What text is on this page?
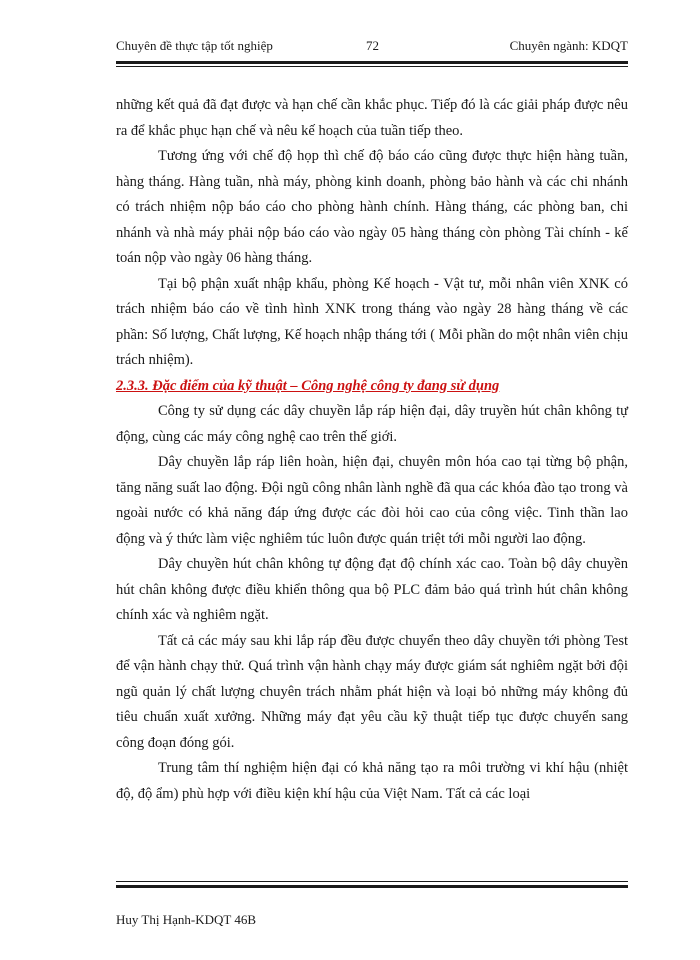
Chuyên đề thực tập tốt nghiệp	72	Chuyên ngành: KDQT

những kết quả đã đạt được và hạn chế cần khắc phục. Tiếp đó là các giải pháp được nêu ra để khắc phục hạn chế và nêu kế hoạch của tuần tiếp theo.

Tương ứng với chế độ họp thì chế độ báo cáo cũng được thực hiện hàng tuần, hàng tháng. Hàng tuần, nhà máy, phòng kinh doanh, phòng bảo hành và các chi nhánh có trách nhiệm nộp báo cáo cho phòng hành chính. Hàng tháng, các phòng ban, chi nhánh và nhà máy phải nộp báo cáo vào ngày 05 hàng tháng còn phòng Tài chính - kế toán nộp vào ngày 06 hàng tháng.

Tại bộ phận xuất nhập khẩu, phòng Kế hoạch - Vật tư, mỗi nhân viên XNK có trách nhiệm báo cáo về tình hình XNK trong tháng vào ngày 28 hàng tháng về các phần: Số lượng, Chất lượng, Kế hoạch nhập tháng tới ( Mỗi phần do một nhân viên chịu trách nhiệm).

2.3.3. Đặc điểm của kỹ thuật – Công nghệ công ty đang sử dụng

Công ty sử dụng các dây chuyền lắp ráp hiện đại, dây truyền hút chân không tự động, cùng các máy công nghệ cao trên thế giới.

Dây chuyền lắp ráp liên hoàn, hiện đại, chuyên môn hóa cao tại từng bộ phận, tăng năng suất lao động. Đội ngũ công nhân lành nghề đã qua các khóa đào tạo trong và ngoài nước có khả năng đáp ứng được các đòi hỏi cao của công việc. Tinh thần lao động và ý thức làm việc nghiêm túc luôn được quán triệt tới mỗi người lao động.

Dây chuyền hút chân không tự động đạt độ chính xác cao. Toàn bộ dây chuyền hút chân không được điều khiển thông qua bộ PLC đảm bảo quá trình hút chân không chính xác và nghiêm ngặt.

Tất cả các máy sau khi lắp ráp đều được chuyển theo dây chuyền tới phòng Test để vận hành chạy thử. Quá trình vận hành chạy máy được giám sát nghiêm ngặt bởi đội ngũ quản lý chất lượng chuyên trách nhằm phát hiện và loại bỏ những máy không đủ tiêu chuẩn xuất xưởng. Những máy đạt yêu cầu kỹ thuật tiếp tục được chuyển sang công đoạn đóng gói.

Trung tâm thí nghiệm hiện đại có khả năng tạo ra môi trường vi khí hậu (nhiệt độ, độ ẩm) phù hợp với điều kiện khí hậu của Việt Nam. Tất cả các loại

Huy Thị Hạnh-KDQT 46B
